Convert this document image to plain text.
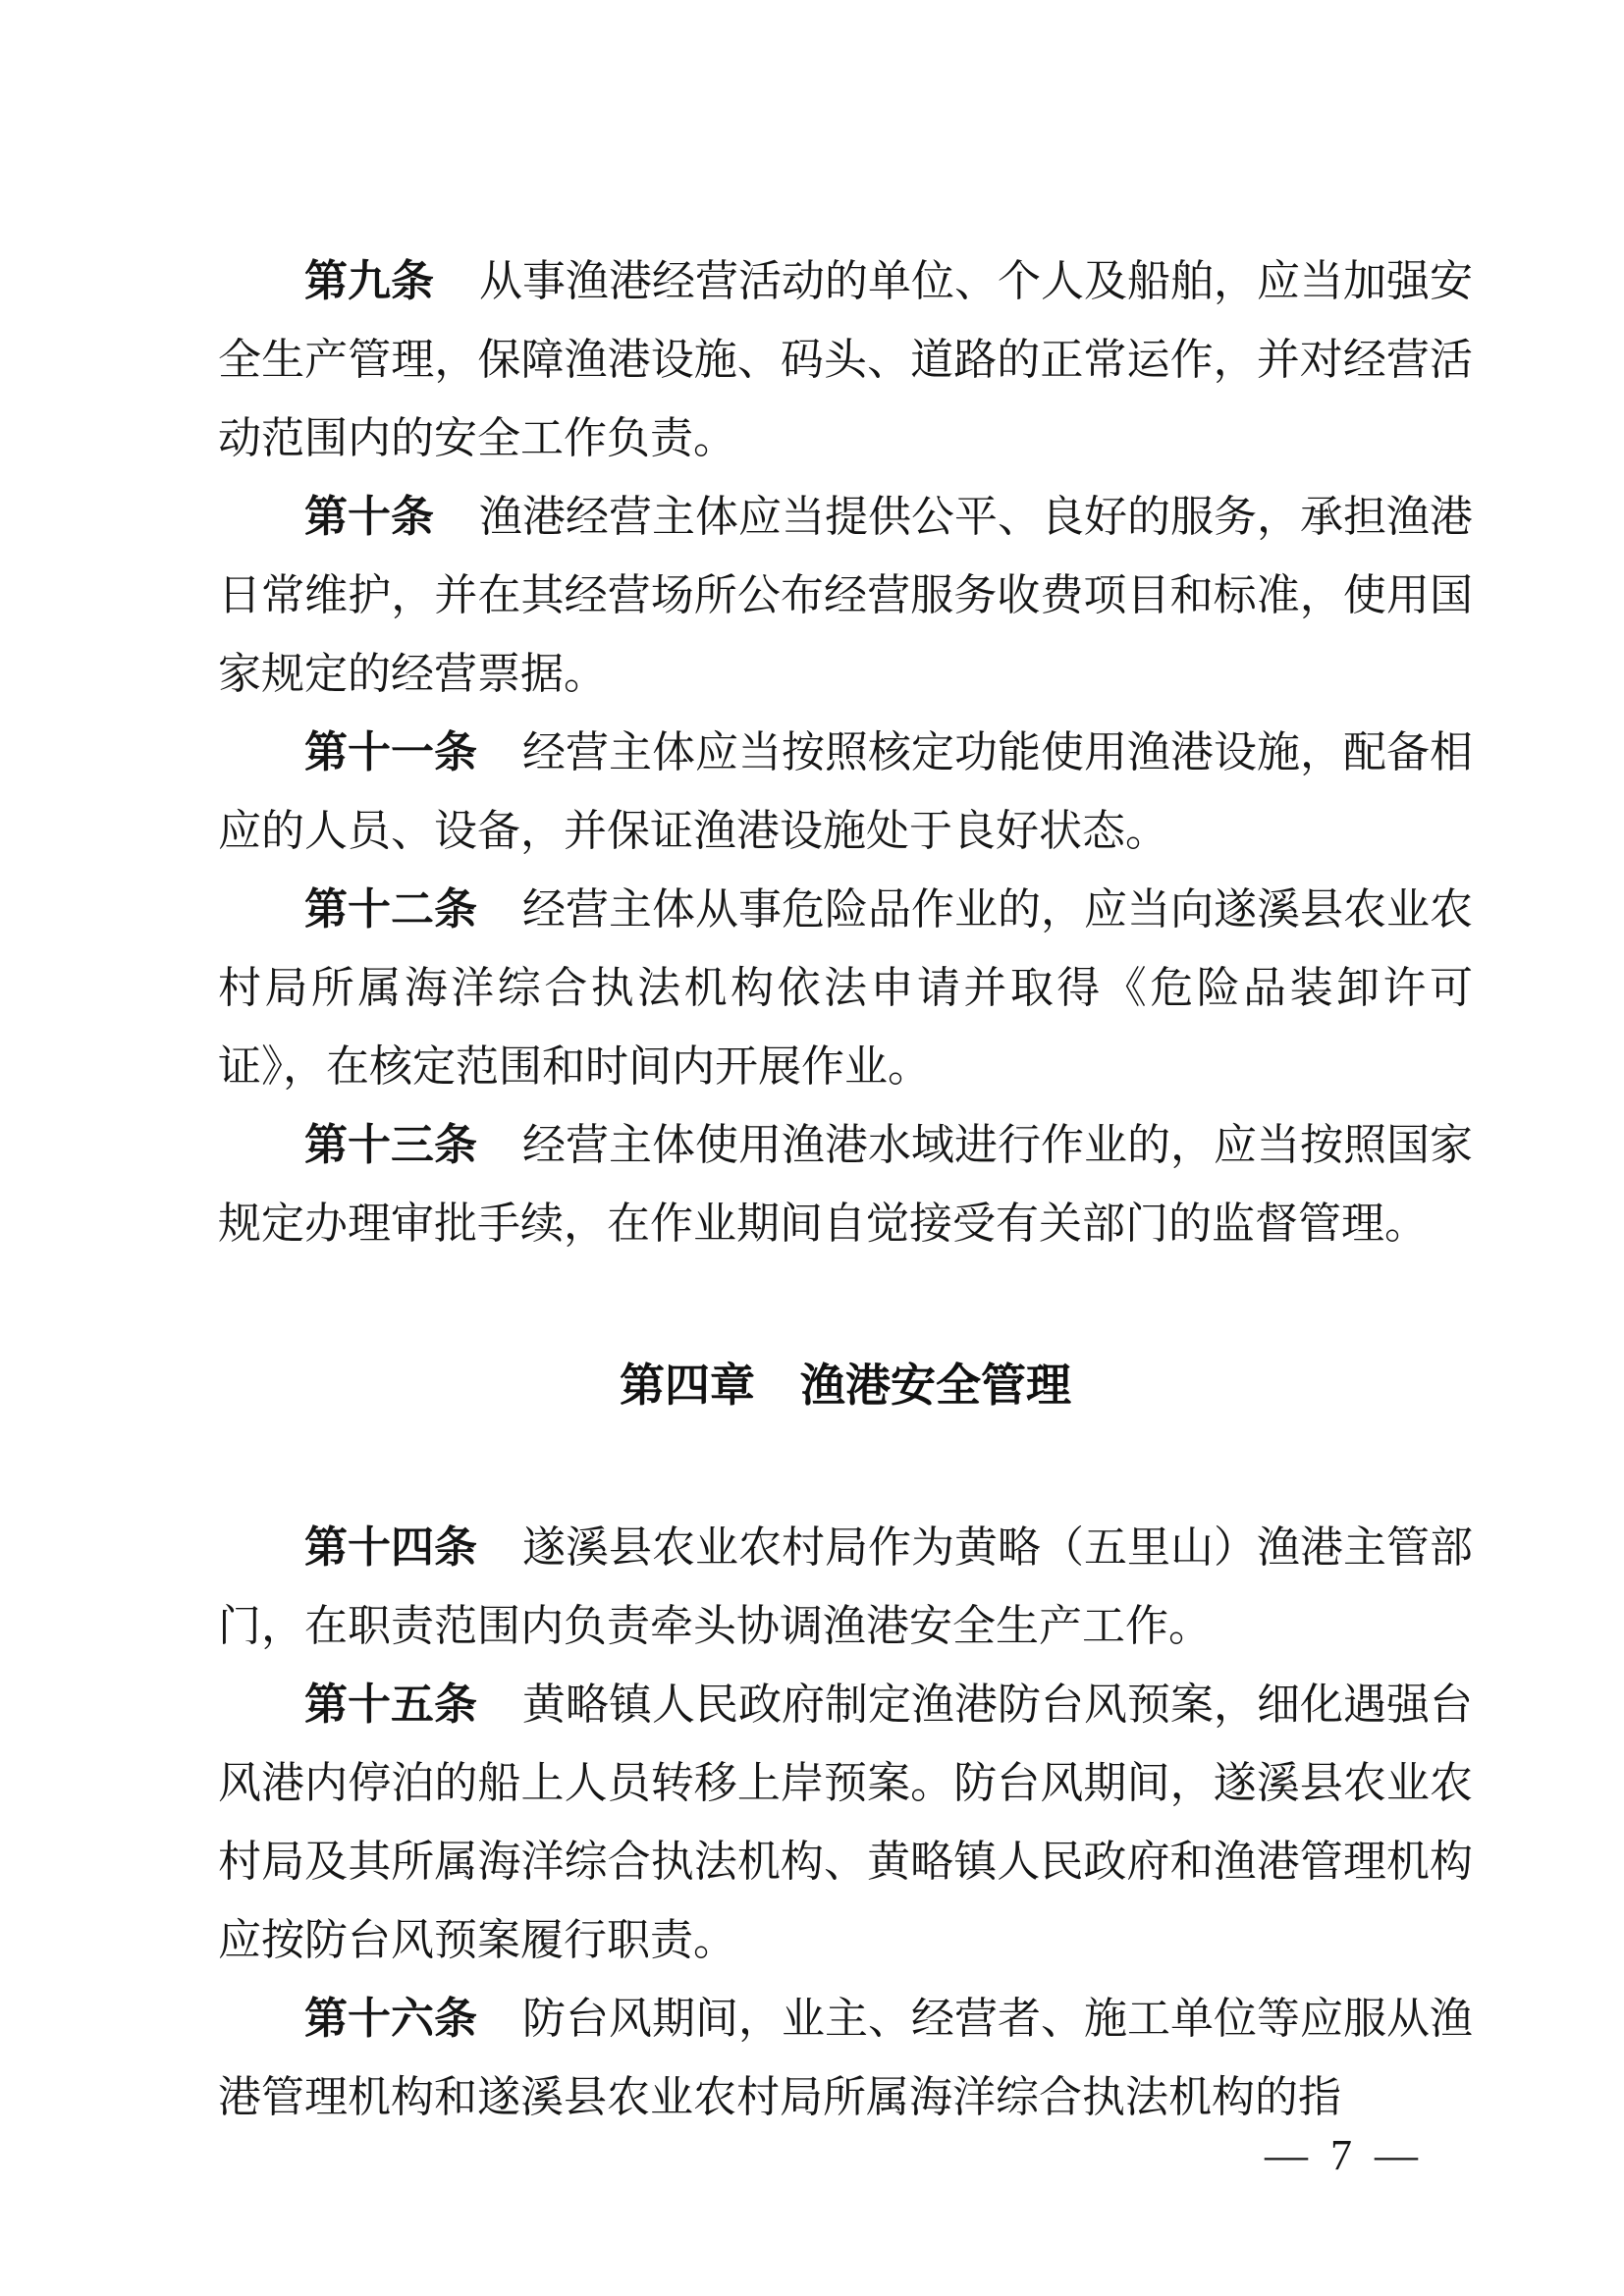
第九条 从事渔港经营活动的单位、个人及船舶，应当加强安全生产管理，保障渔港设施、码头、道路的正常运作，并对经营活动范围内的安全工作负责。

第十条 渔港经营主体应当提供公平、良好的服务，承担渔港日常维护，并在其经营场所公布经营服务收费项目和标准，使用国家规定的经营票据。

第十一条 经营主体应当按照核定功能使用渔港设施，配备相应的人员、设备，并保证渔港设施处于良好状态。

第十二条 经营主体从事危险品作业的，应当向遂溪县农业农村局所属海洋综合执法机构依法申请并取得《危险品装卸许可证》，在核定范围和时间内开展作业。

第十三条 经营主体使用渔港水域进行作业的，应当按照国家规定办理审批手续，在作业期间自觉接受有关部门的监督管理。

第四章 渔港安全管理

第十四条 遂溪县农业农村局作为黄略（五里山）渔港主管部门，在职责范围内负责牵头协调渔港安全生产工作。

第十五条 黄略镇人民政府制定渔港防台风预案，细化遇强台风港内停泊的船上人员转移上岸预案。防台风期间，遂溪县农业农村局及其所属海洋综合执法机构、黄略镇人民政府和渔港管理机构应按防台风预案履行职责。

第十六条 防台风期间，业主、经营者、施工单位等应服从渔港管理机构和遂溪县农业农村局所属海洋综合执法机构的指

— 7 —
